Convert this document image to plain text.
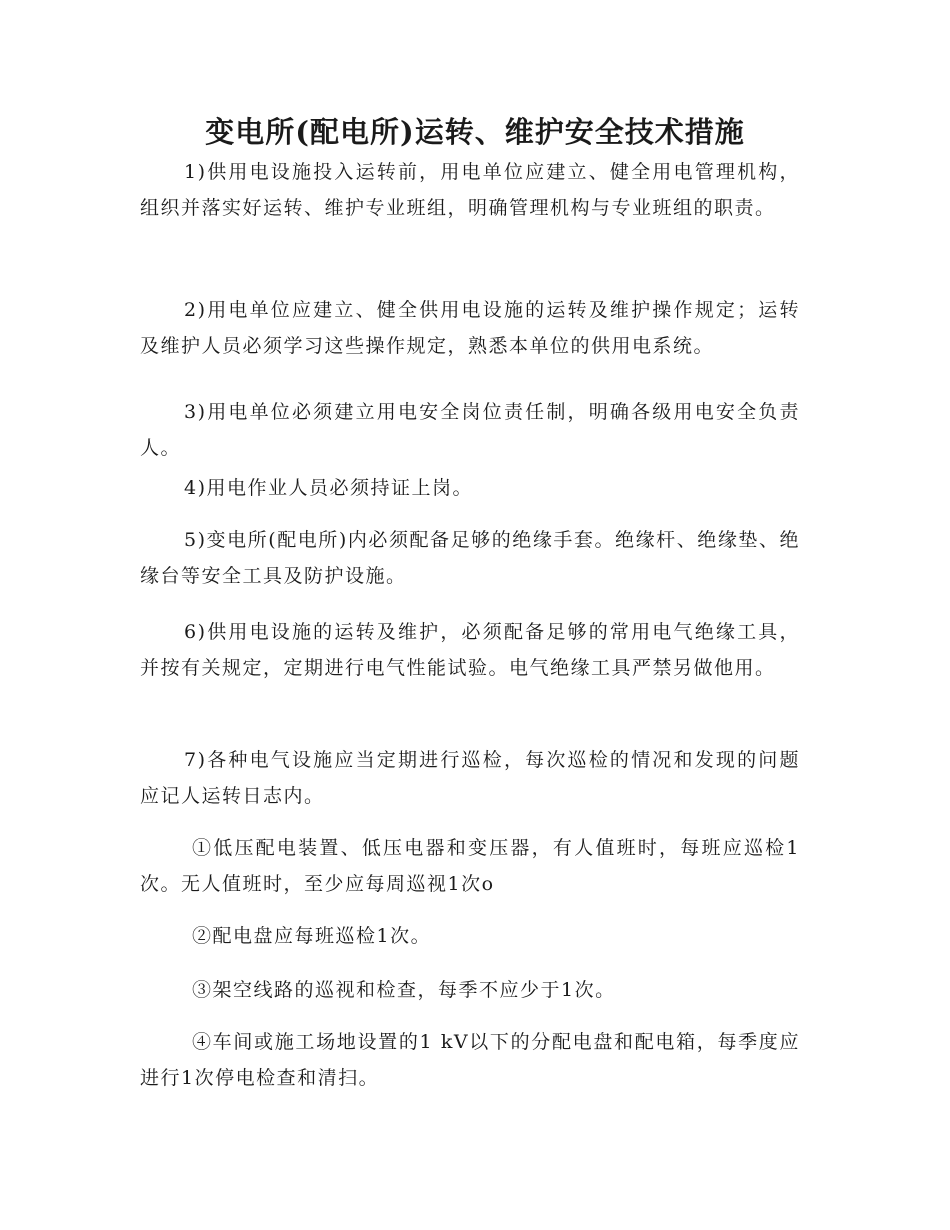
变电所(配电所)运转、维护安全技术措施

1)供用电设施投入运转前，用电单位应建立、健全用电管理机构，组织并落实好运转、维护专业班组，明确管理机构与专业班组的职责。

2)用电单位应建立、健全供用电设施的运转及维护操作规定；运转及维护人员必须学习这些操作规定，熟悉本单位的供用电系统。

3)用电单位必须建立用电安全岗位责任制，明确各级用电安全负责人。

4)用电作业人员必须持证上岗。

5)变电所(配电所)内必须配备足够的绝缘手套。绝缘杆、绝缘垫、绝缘台等安全工具及防护设施。

6)供用电设施的运转及维护，必须配备足够的常用电气绝缘工具，并按有关规定，定期进行电气性能试验。电气绝缘工具严禁另做他用。

7)各种电气设施应当定期进行巡检，每次巡检的情况和发现的问题应记人运转日志内。

①低压配电装置、低压电器和变压器，有人值班时，每班应巡检1次。无人值班时，至少应每周巡视1次o

②配电盘应每班巡检1次。

③架空线路的巡视和检查，每季不应少于1次。

④车间或施工场地设置的1 kV以下的分配电盘和配电箱，每季度应进行1次停电检查和清扫。
